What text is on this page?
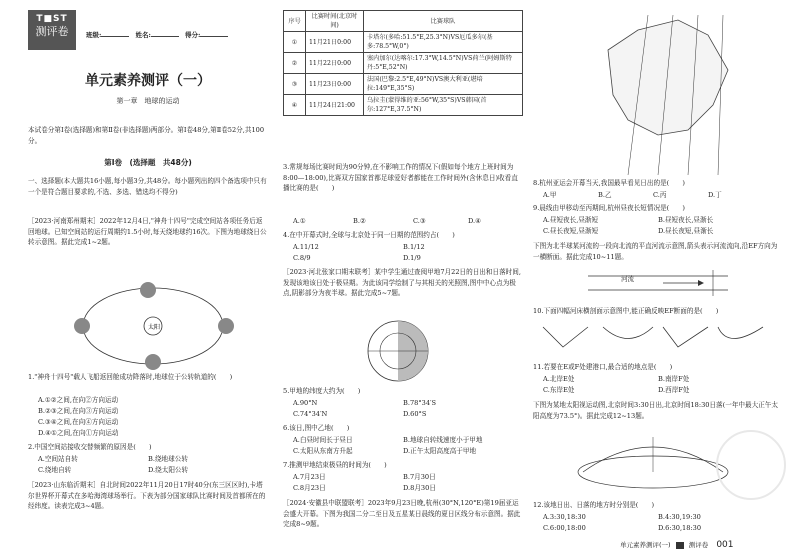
T■ST
测评卷	班级:	姓名:	得分:
单元素养测评（一）
第一章　地球的运动
本试卷分第Ⅰ卷(选择题)和第Ⅱ卷(非选择题)两部分。第Ⅰ卷48分,第Ⅱ卷52分,共100分。
第Ⅰ卷　(选择题　共48分)
一、选择题(本大题共16小题,每小题3分,共48分。每小题列出的四个备选项中只有一个是符合题目要求的,不选、多选、错选均不得分)
［2023·河南郑州期末］2022年12月4日,"神舟十四号"完成空间站各项任务后返回地球。已知空间站的运行周期约1.5小时,每天绕地球约16次。下图为地球绕日公转示意图。据此完成1~2题。
太阳
1."神舟十四号"载人飞船返回舱成功降落时,地球位于公转轨道的(　　)
A.①②之间,在向②方向运动
B.②③之间,在向③方向运动
C.③④之间,在向④方向运动
D.④①之间,在向①方向运动
2.中国空间站接收交替频繁的原因是(　　)
A.空间站自转	B.绕地球公转
C.绕地自转	D.绕太阳公转
［2023·山东临沂期末］自北时间2022年11月20日17时40分(东三区区时),卡塔尔世界杯开幕式在多哈海湾球场举行。下表为部分国家球队比赛时间及首都所在的经纬度。读表完成3~4题。
序号	比赛时间(北京时间)	比赛球队
①	11月21日0:00	卡塔尔(多哈:51.5°E,25.3°N)VS厄瓜多尔(基多:78.5°W,0°)
②	11月22日0:00	塞内加尔(达喀尔:17.3°W,14.5°N)VS荷兰(阿姆斯特丹:5°E,52°N)
③	11月23日0:00	法国(巴黎:2.5°E,49°N)VS澳大利亚(堪培拉:149°E,35°S)
④	11月24日21:00	乌拉圭(蒙得维的亚:56°W,35°S)VS韩国(首尔:127°E,37.5°N)
3.常规每场比赛时间为90分钟,在不影响工作的情况下(假如每个地方上班时间为8:00—18:00),比赛双方国家首都足球爱好者都能在工作时间外(含休息日)收看直播比赛的是(　　)
A.①	B.②	C.③	D.④
4.在中开幕式时,全球与北京处于同一日期的范围约占(　　)
A.11/12	B.1/12
C.8/9	D.1/9
［2023·河北张家口期末联考］某中学生通过查阅甲地7月22日的日出和日落时间,发现该地该日处于极昼期。为此该同学绘制了与其相关的光照图,图中中心点为极点,阴影部分为夜半球。据此完成5~7题。
5.甲地的纬度大约为(　　)
A.90°N	B.78°34′S
C.74°34′N	D.60°S
6.该日,图中乙地(　　)
A.白昼时间长于昼日	B.地球自转线速度小于甲地
C.太阳从东南方升起	D.正午太阳高度高于甲地
7.推测甲地结束极昼的时间为(　　)
A.7月23日	B.7月30日
C.8月23日	D.8月30日
［2024·安徽县中联盟联考］2023年9月23日晚,杭州(30°N,120°E)第19届亚运会盛大开幕。下图为我国二分二至日及五星某日晨线的夏日区线分布示意图。据此完成8~9题。
8.杭州亚运会开幕当天,我国最早看见日出的是(　　)
A.甲	B.乙	C.丙	D.丁
9.晨线由甲移动至丙期间,杭州昼夜长短情况是(　　)
A.昼短夜长,昼渐短	B.昼短夜长,昼渐长
C.昼长夜短,昼渐短	D.昼长夜短,昼渐长
下图为北半球某河流的一段向北流的平直河流示意图,箭头表示河流流向,沿EF方向为一横断面。据此完成10~11题。
河流
10.下面四幅河床横剖面示意图中,能正确反映EF断面的是(　　)
11.若要在E或F处建港口,最合适的地点是(　　)
A.北岸E处	B.南岸F处
C.东岸E处	D.西岸F处
下图为某地太阳视运动图,北京时间3:30日出,北京时间18:30日落(一年中最大正午太阳高度为73.5°)。据此完成12~13题。
12.该地日出、日落的地方时分别是(　　)
A.3:30,18:30	B.4:30,19:30
C.6:00,18:00	D.6:30,18:30
单元素养测评(一)	测评卷 001
